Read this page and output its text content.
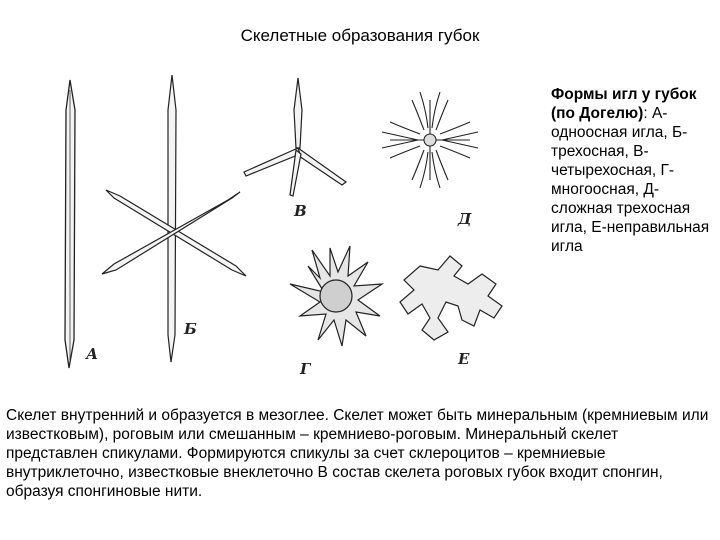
Скелетные образования губок
А
Б
В
Г
Д
Е
Формы игл у губок (по Догелю): А-одноосная игла, Б-трехосная, В-четырехосная, Г-многоосная, Д-сложная трехосная игла, Е-неправильная игла
Скелет внутренний и образуется в мезоглее. Скелет может быть минеральным (кремниевым или известковым), роговым или смешанным – кремниево-роговым. Минеральный скелет представлен спикулами. Формируются спикулы за счет склероцитов – кремниевые внутриклеточно, известковые внеклеточно В состав скелета роговых губок входит спонгин, образуя спонгиновые нити.
